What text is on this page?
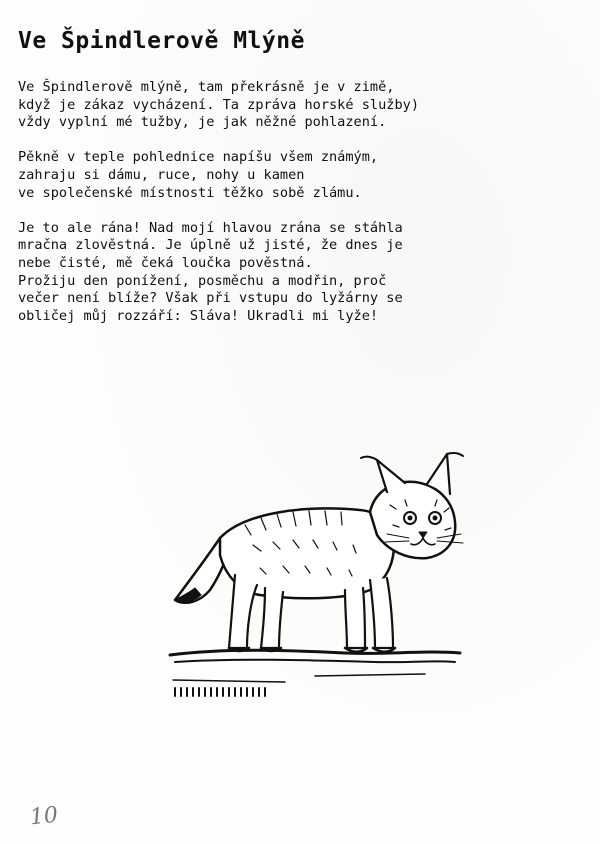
Ve Špindlerově Mlýně

Ve Špindlerově mlýně, tam překrásně je v zimě,
když je zákaz vycházení. Ta zpráva horské služby)
vždy vyplní mé tužby, je jak něžné pohlazení.

Pěkně v teple pohlednice napíšu všem známým,
zahraju si dámu, ruce, nohy u kamen
ve společenské místnosti těžko sobě zlámu.

Je to ale rána! Nad mojí hlavou zrána se stáhla
mračna zlověstná. Je úplně už jisté, že dnes je
nebe čisté, mě čeká loučka pověstná.
Prožiju den ponížení, posměchu a modřin, proč
večer není blíže? Však při vstupu do lyžárny se
obličej můj rozzáří: Sláva! Ukradli mi lyže!

10
